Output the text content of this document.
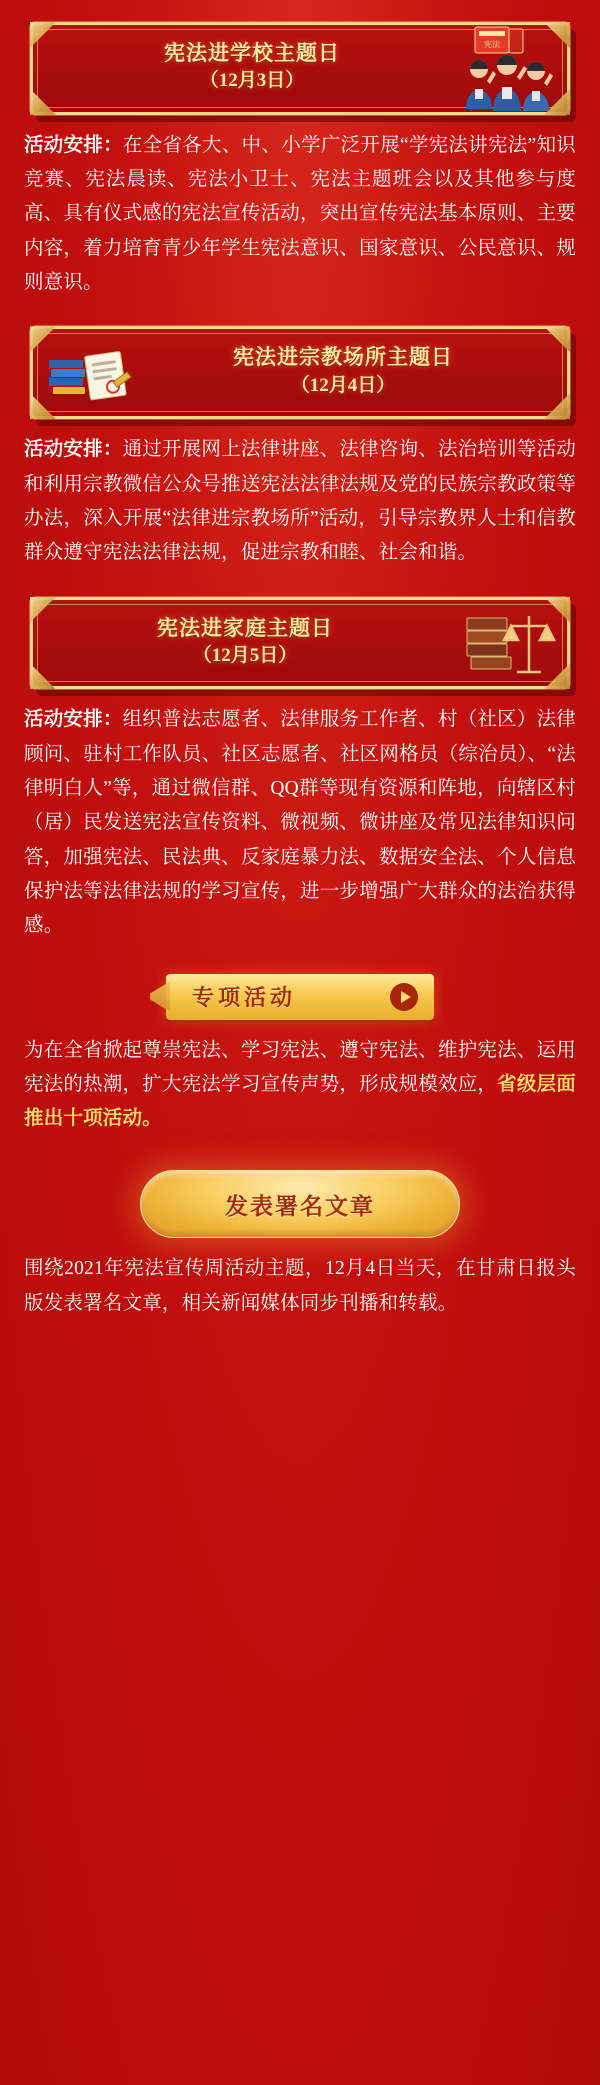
宪法
宪法进学校主题日
（12月3日）

活动安排：在全省各大、中、小学广泛开展“学宪法讲宪法”知识竞赛、宪法晨读、宪法小卫士、宪法主题班会以及其他参与度高、具有仪式感的宪法宣传活动，突出宣传宪法基本原则、主要内容，着力培育青少年学生宪法意识、国家意识、公民意识、规则意识。

宪法进宗教场所主题日
（12月4日）

活动安排：通过开展网上法律讲座、法律咨询、法治培训等活动和利用宗教微信公众号推送宪法法律法规及党的民族宗教政策等办法，深入开展“法律进宗教场所”活动，引导宗教界人士和信教群众遵守宪法法律法规，促进宗教和睦、社会和谐。

宪法进家庭主题日
（12月5日）

活动安排：组织普法志愿者、法律服务工作者、村（社区）法律顾问、驻村工作队员、社区志愿者、社区网格员（综治员）、“法律明白人”等，通过微信群、QQ群等现有资源和阵地，向辖区村（居）民发送宪法宣传资料、微视频、微讲座及常见法律知识问答，加强宪法、民法典、反家庭暴力法、数据安全法、个人信息保护法等法律法规的学习宣传，进一步增强广大群众的法治获得感。

专项活动

为在全省掀起尊崇宪法、学习宪法、遵守宪法、维护宪法、运用宪法的热潮，扩大宪法学习宣传声势，形成规模效应，省级层面推出十项活动。

发表署名文章

围绕2021年宪法宣传周活动主题，12月4日当天，在甘肃日报头版发表署名文章，相关新闻媒体同步刊播和转载。
